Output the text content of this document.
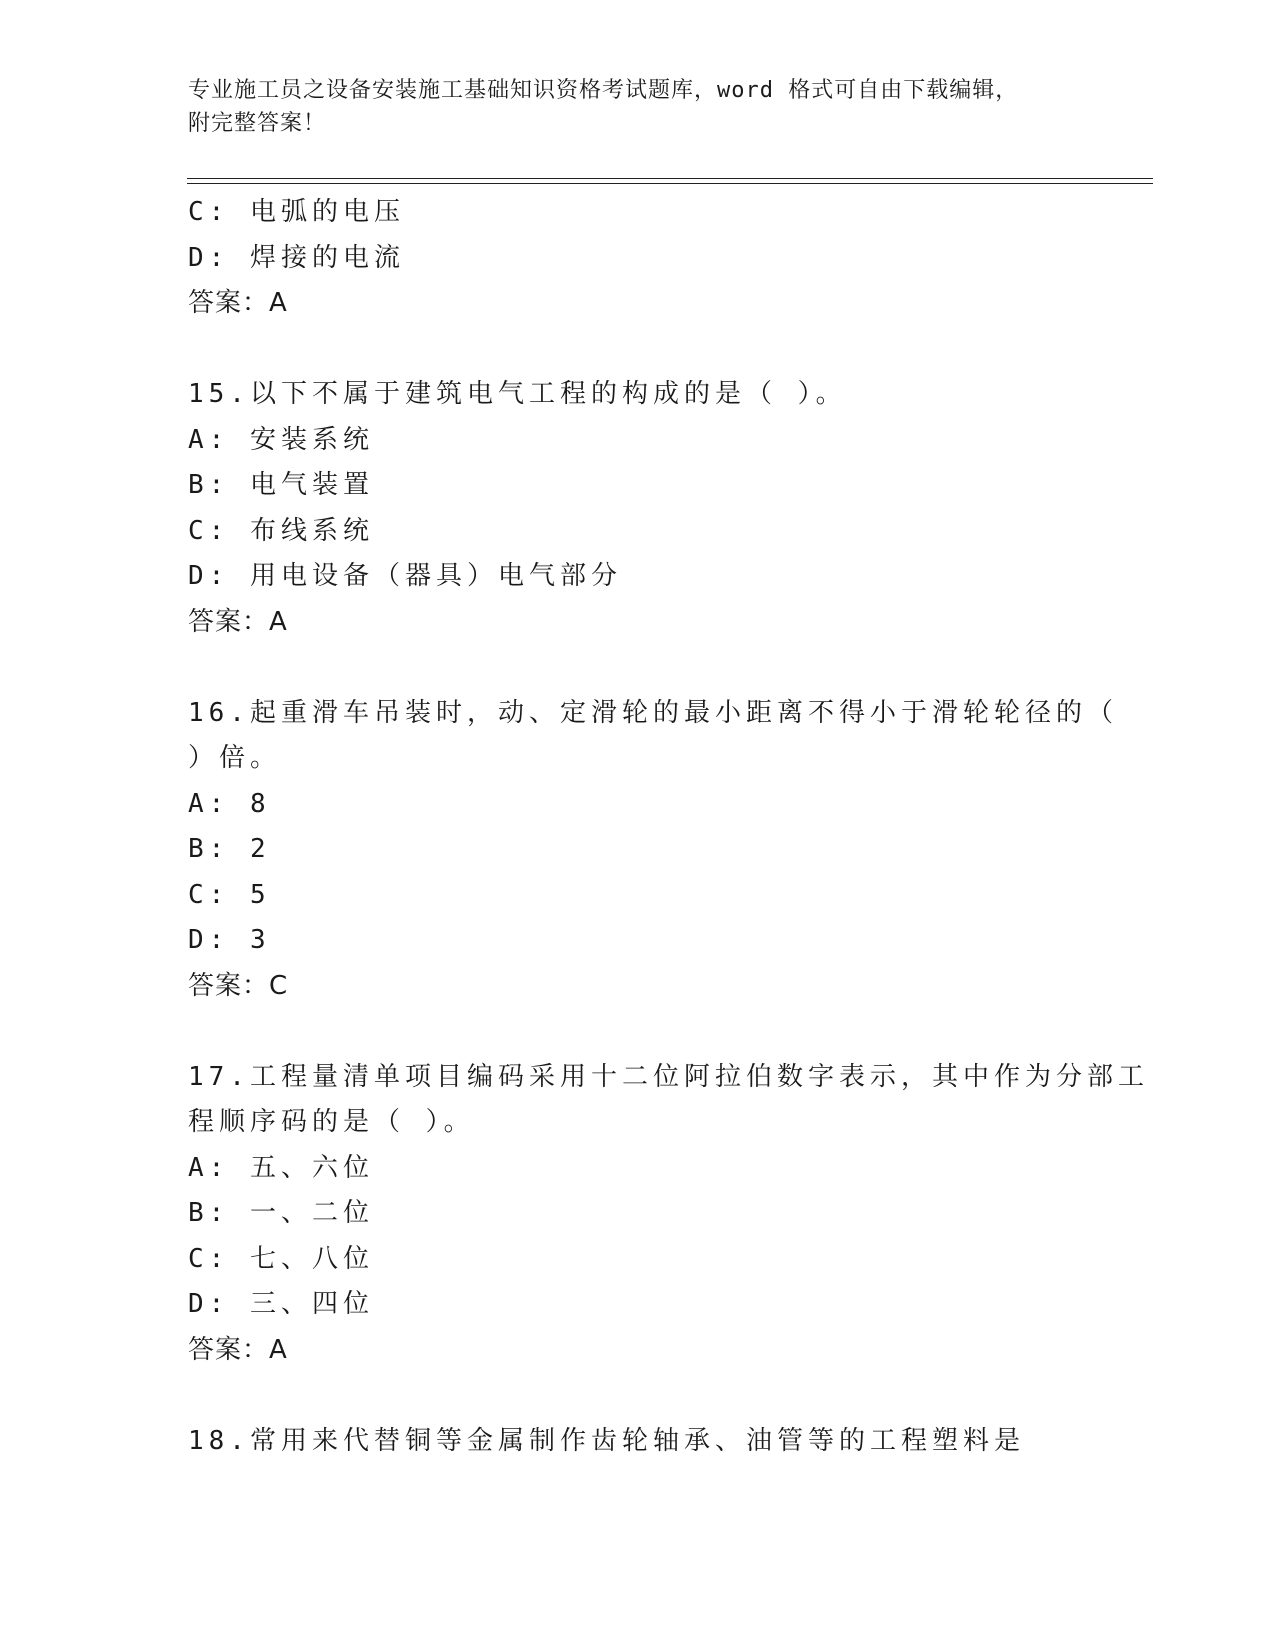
专业施工员之设备安装施工基础知识资格考试题库，word 格式可自由下载编辑，
附完整答案！
C: 电弧的电压
D: 焊接的电流
答案：A
15.以下不属于建筑电气工程的构成的是（ ）。
A: 安装系统
B: 电气装置
C: 布线系统
D: 用电设备（器具）电气部分
答案：A
16.起重滑车吊装时，动、定滑轮的最小距离不得小于滑轮轮径的（
）倍。
A: 8
B: 2
C: 5
D: 3
答案：C
17.工程量清单项目编码采用十二位阿拉伯数字表示，其中作为分部工
程顺序码的是（ ）。
A: 五、六位
B: 一、二位
C: 七、八位
D: 三、四位
答案：A
18.常用来代替铜等金属制作齿轮轴承、油管等的工程塑料是
